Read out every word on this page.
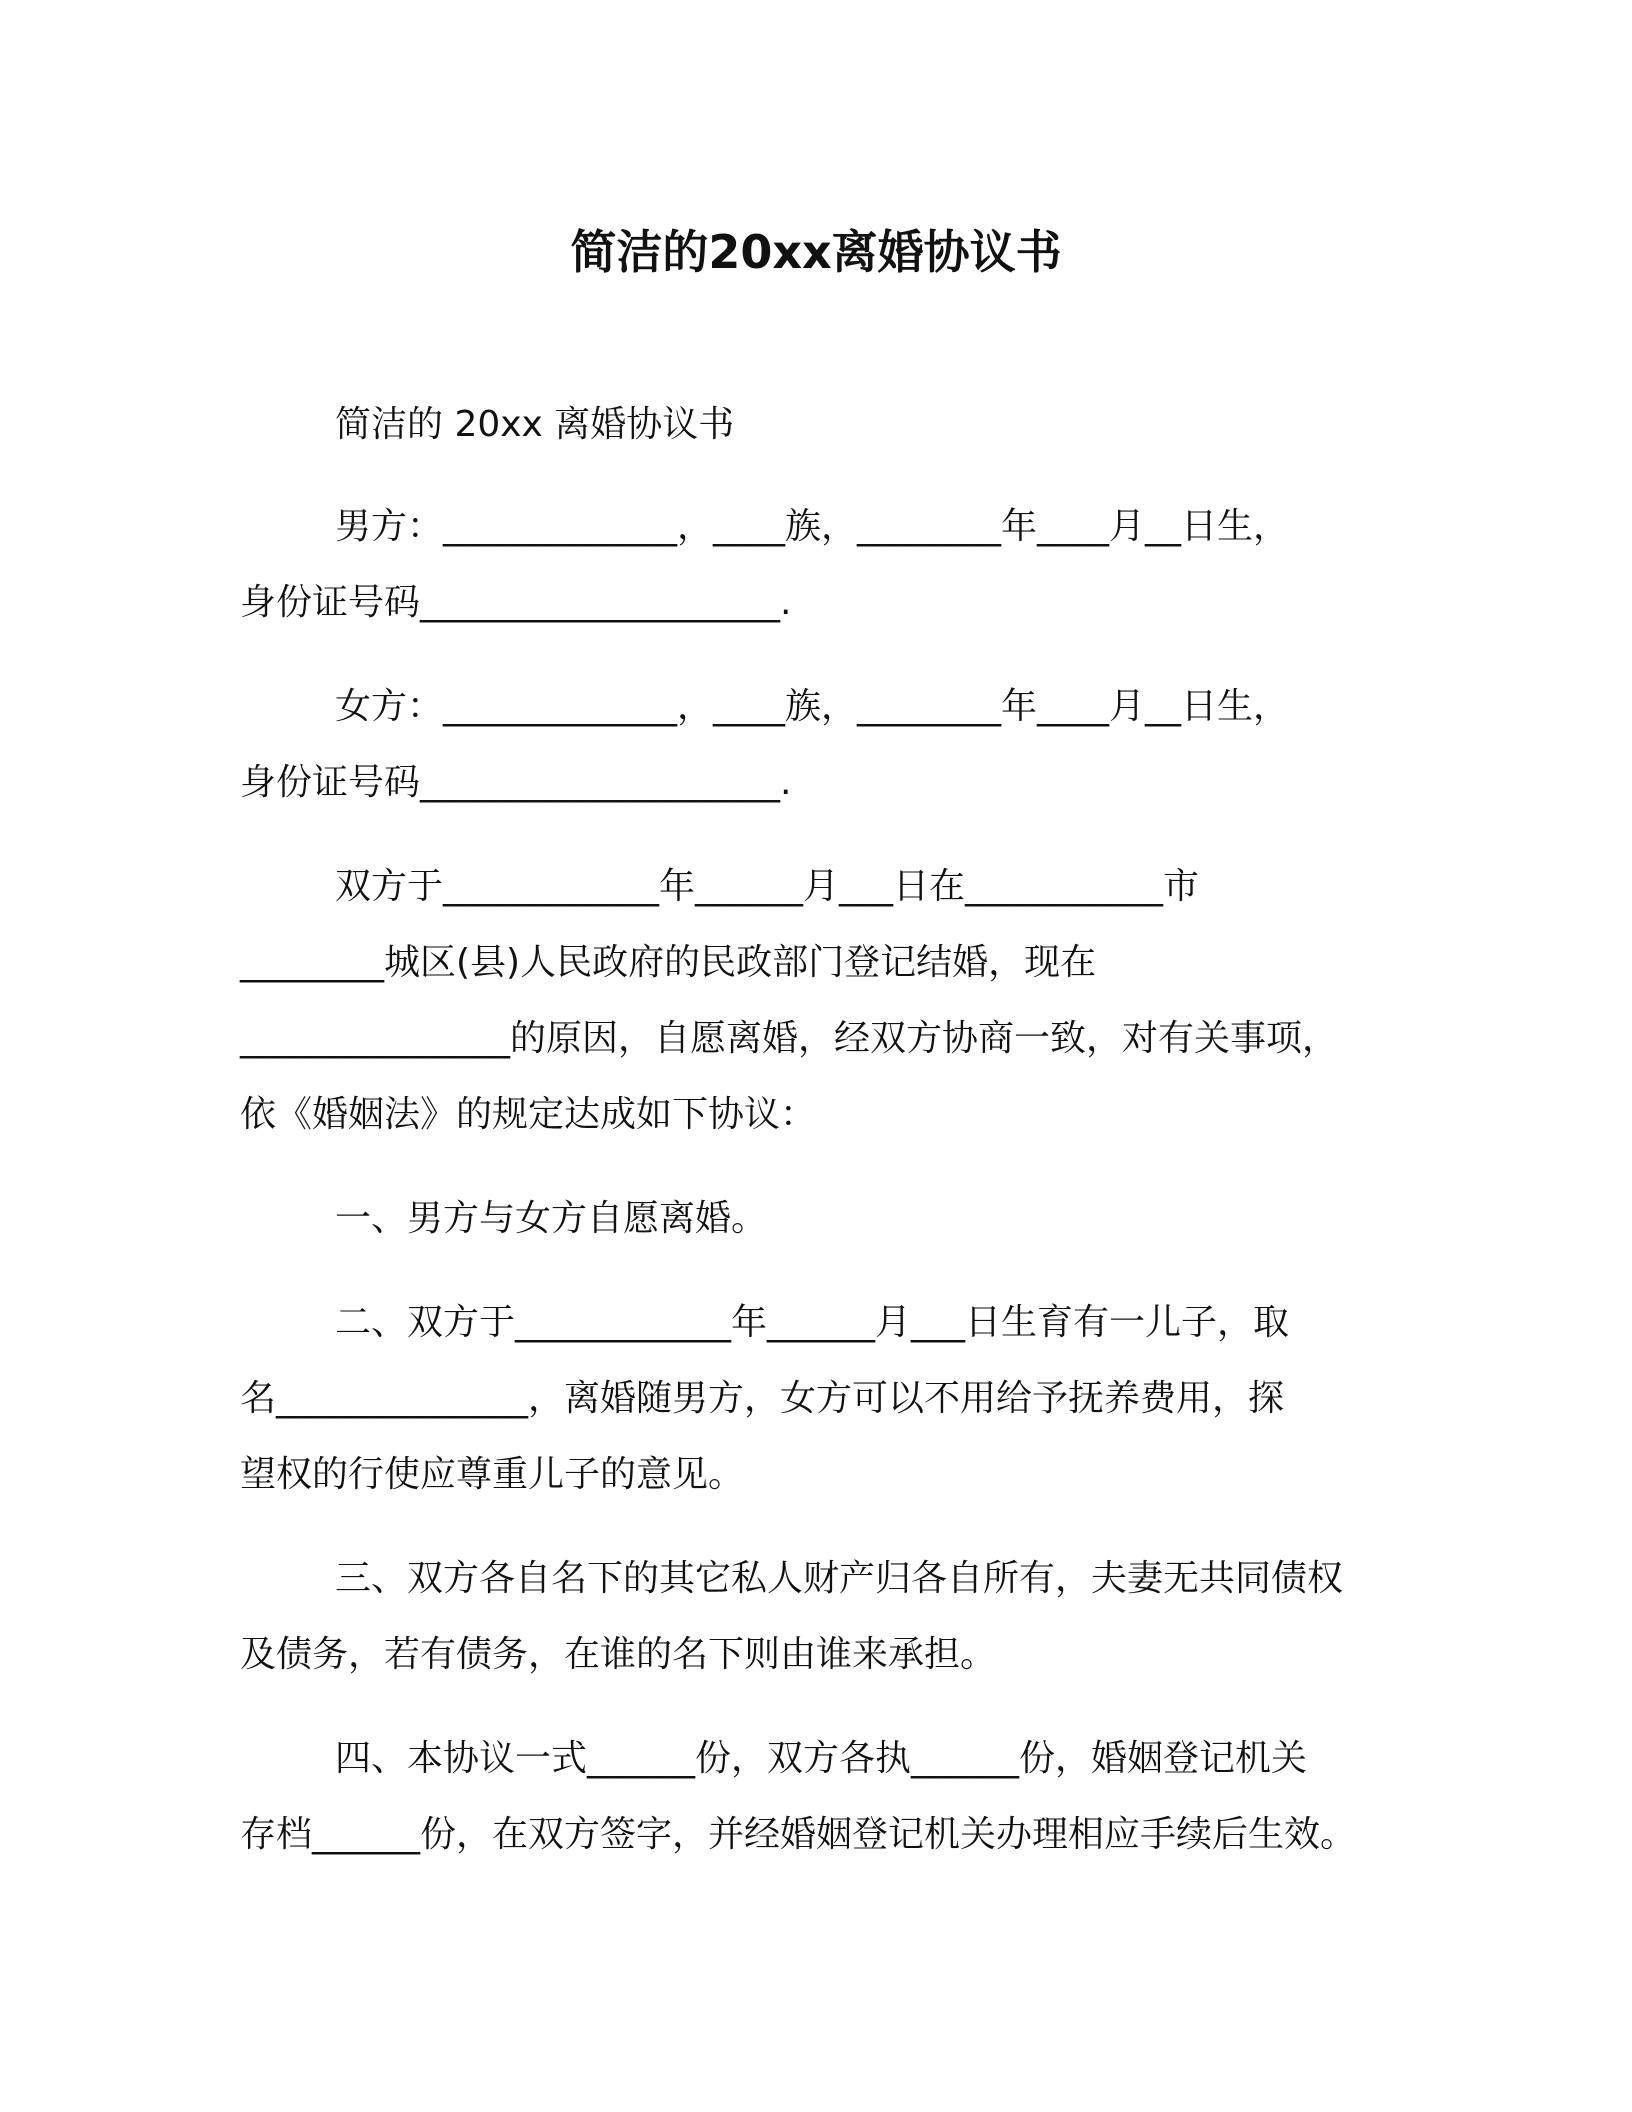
简洁的20xx离婚协议书
简洁的 20xx 离婚协议书
男方：_____________，____族，________年____月__日生，
身份证号码____________________.
女方：_____________，____族，________年____月__日生，
身份证号码____________________.
双方于____________年______月___日在___________市
________城区(县)人民政府的民政部门登记结婚，现在
_______________的原因，自愿离婚，经双方协商一致，对有关事项，
依《婚姻法》的规定达成如下协议：
一、男方与女方自愿离婚。
二、双方于____________年______月___日生育有一儿子，取
名______________，离婚随男方，女方可以不用给予抚养费用，探
望权的行使应尊重儿子的意见。
三、双方各自名下的其它私人财产归各自所有，夫妻无共同债权
及债务，若有债务，在谁的名下则由谁来承担。
四、本协议一式______份，双方各执______份，婚姻登记机关
存档______份，在双方签字，并经婚姻登记机关办理相应手续后生效。
